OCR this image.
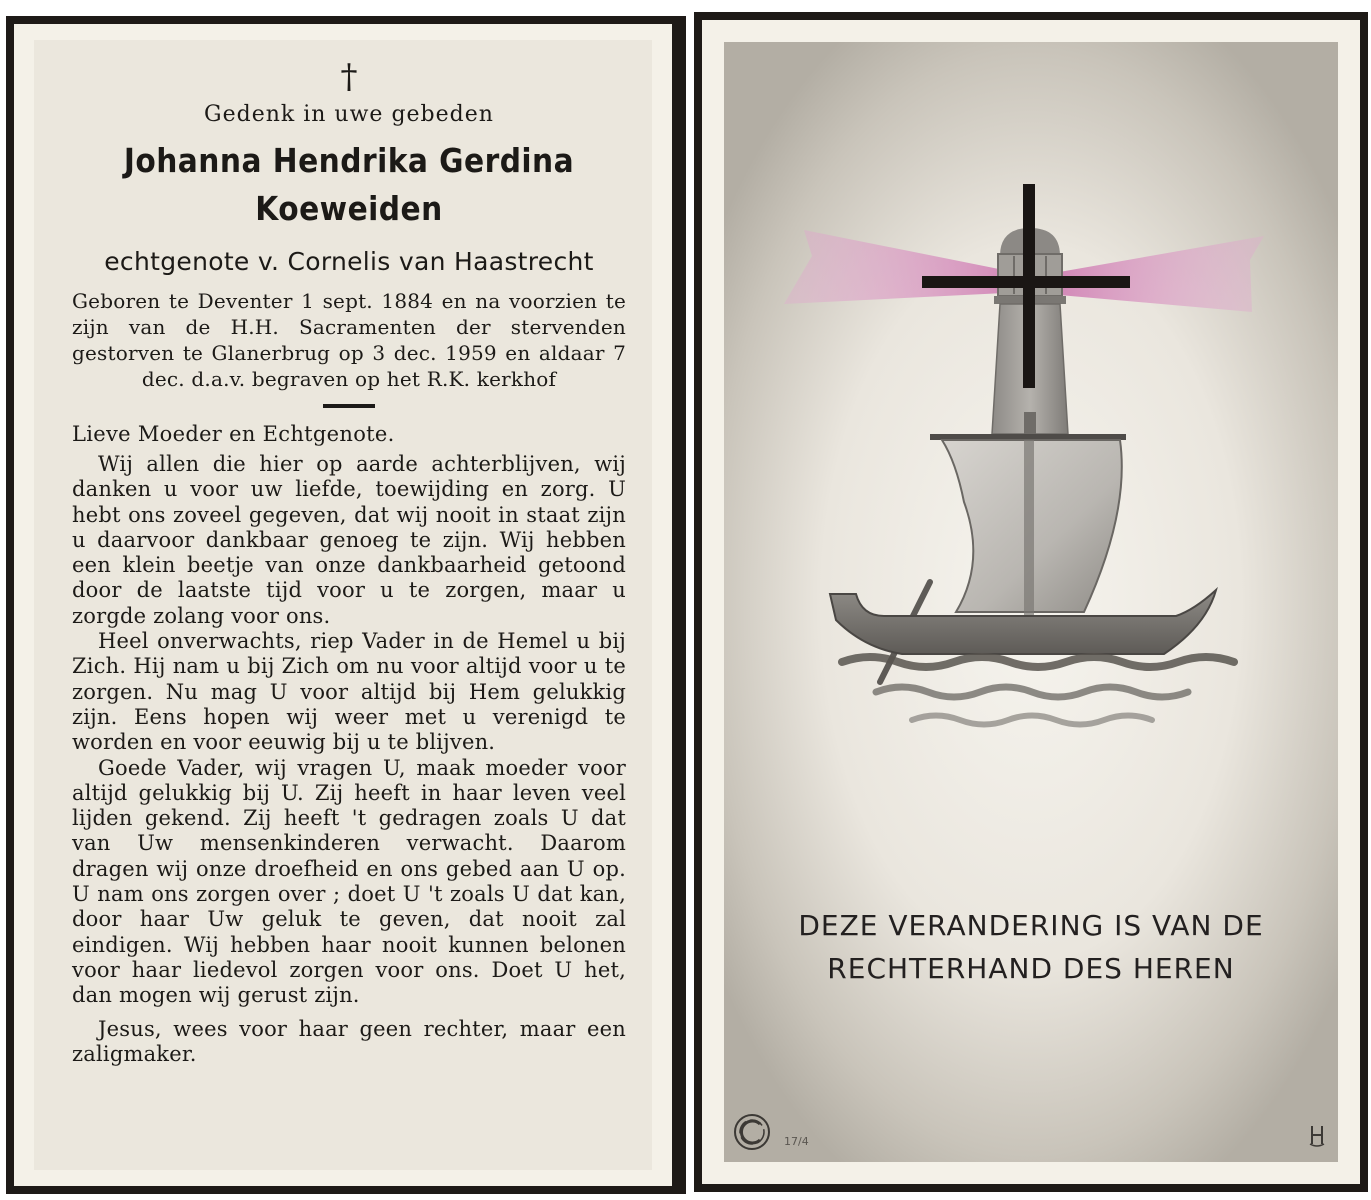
†
Gedenk in uwe gebeden
Johanna Hendrika Gerdina
Koeweiden
echtgenote v. Cornelis van Haastrecht
Geboren te Deventer 1 sept. 1884 en na voorzien te zijn van de H.H. Sacramenten der stervenden gestorven te Glanerbrug op 3 dec. 1959 en aldaar 7 dec. d.a.v. begraven op het R.K. kerkhof
Lieve Moeder en Echtgenote.

Wij allen die hier op aarde achterblijven, wij danken u voor uw liefde, toewijding en zorg. U hebt ons zoveel gegeven, dat wij nooit in staat zijn u daarvoor dankbaar genoeg te zijn. Wij hebben een klein beetje van onze dankbaarheid getoond door de laatste tijd voor u te zorgen, maar u zorgde zolang voor ons.

Heel onverwachts, riep Vader in de Hemel u bij Zich. Hij nam u bij Zich om nu voor altijd voor u te zorgen. Nu mag U voor altijd bij Hem gelukkig zijn. Eens hopen wij weer met u verenigd te worden en voor eeuwig bij u te blijven.

Goede Vader, wij vragen U, maak moeder voor altijd gelukkig bij U. Zij heeft in haar leven veel lijden gekend. Zij heeft 't gedragen zoals U dat van Uw mensenkinderen verwacht. Daarom dragen wij onze droefheid en ons gebed aan U op. U nam ons zorgen over ; doet U 't zoals U dat kan, door haar Uw geluk te geven, dat nooit zal eindigen. Wij hebben haar nooit kunnen belonen voor haar liedevol zorgen voor ons. Doet U het, dan mogen wij gerust zijn.

Jesus, wees voor haar geen rechter, maar een zaligmaker.

DEZE VERANDERING IS VAN DE
RECHTERHAND DES HEREN
17/4
